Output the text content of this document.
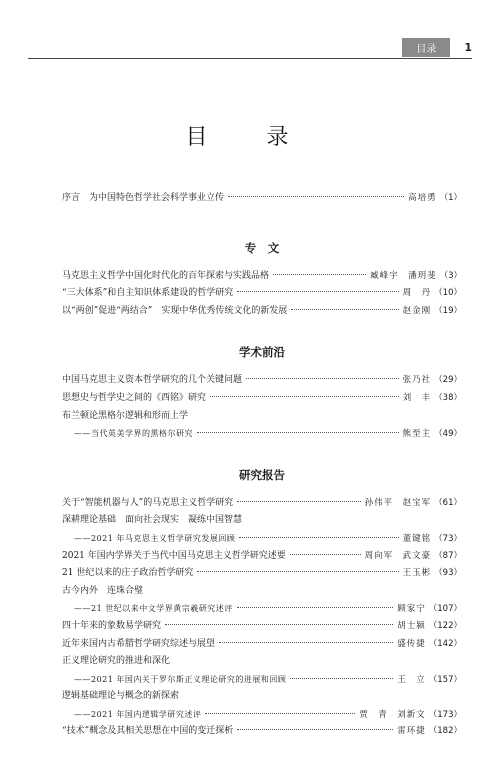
目录	1
目 录
序言　为中国特色哲学社会科学事业立传	高培勇 （1）
专　文
马克思主义哲学中国化时代化的百年探索与实践品格	臧峰宇　潘玥斐 （3）
“三大体系”和自主知识体系建设的哲学研究	周　丹 （10）
以“两创”促进“两结合”　实现中华优秀传统文化的新发展	赵金刚 （19）
学术前沿
中国马克思主义资本哲学研究的几个关键问题	张乃社 （29）
思想史与哲学史之间的《西铭》研究	刘　丰 （38）
布兰顿论黑格尔逻辑和形而上学
——当代英美学界的黑格尔研究	熊至主 （49）
研究报告
关于“智能机器与人”的马克思主义哲学研究	孙伟平　赵宝军 （61）
深耕理论基础　面向社会现实　凝练中国智慧
——2021 年马克思主义哲学研究发展回顾	董键铭 （73）
2021 年国内学界关于当代中国马克思主义哲学研究述要	周向军　武文豪 （87）
21 世纪以来的庄子政治哲学研究	王玉彬 （93）
古今内外　连珠合璧
——21 世纪以来中文学界黄宗羲研究述评	顾家宁 （107）
四十年来的象数易学研究	胡士颍 （122）
近年来国内古希腊哲学研究综述与展望	盛传捷 （142）
正义理论研究的推进和深化
——2021 年国内关于罗尔斯正义理论研究的进展和回顾	王　立 （157）
逻辑基础理论与概念的新探索
——2021 年国内逻辑学研究述评	贾　青　刘新文 （173）
“技术”概念及其相关思想在中国的变迁探析	雷环捷 （182）
